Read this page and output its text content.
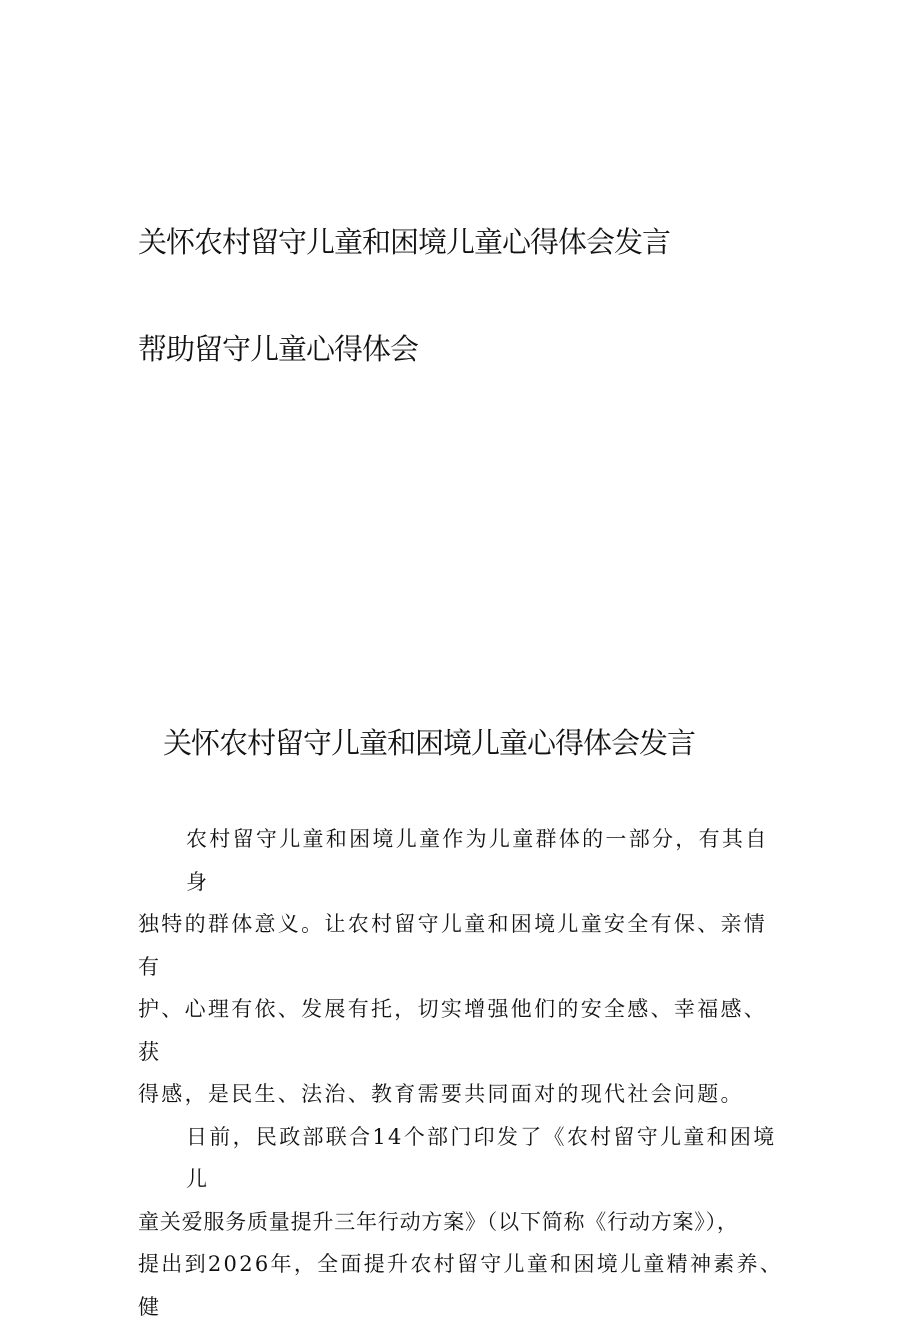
关怀农村留守儿童和困境儿童心得体会发言
帮助留守儿童心得体会
关怀农村留守儿童和困境儿童心得体会发言
农村留守儿童和困境儿童作为儿童群体的一部分，有其自身
独特的群体意义。让农村留守儿童和困境儿童安全有保、亲情有
护、心理有依、发展有托，切实增强他们的安全感、幸福感、获
得感，是民生、法治、教育需要共同面对的现代社会问题。
日前，民政部联合14个部门印发了《农村留守儿童和困境儿
童关爱服务质量提升三年行动方案》（以下简称《行动方案》），
提出到2026年，全面提升农村留守儿童和困境儿童精神素养、健
